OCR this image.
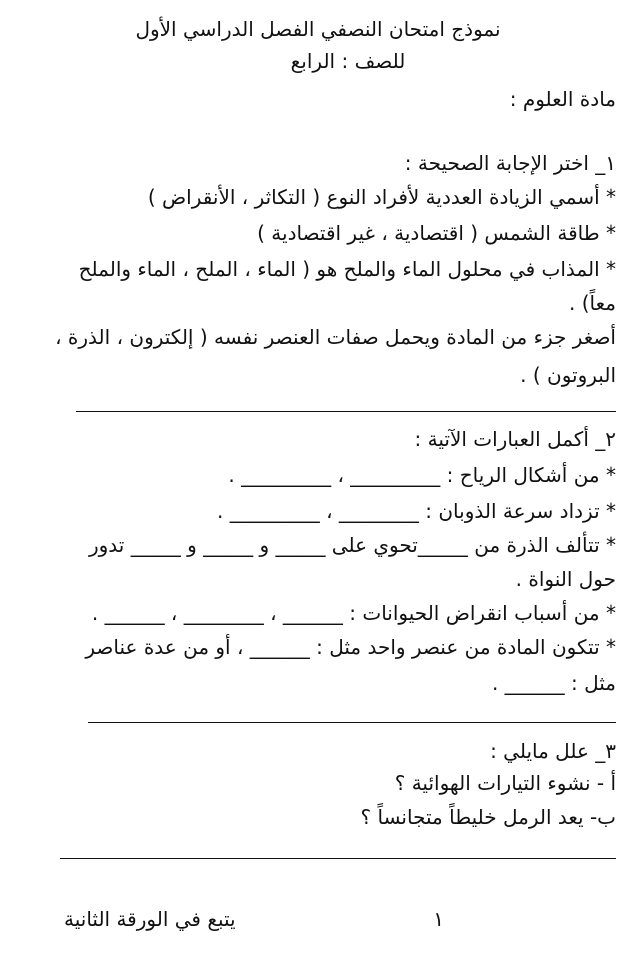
نموذج امتحان النصفي الفصل الدراسي الأول
للصف : الرابع
مادة العلوم :
١_ اختر الإجابة الصحيحة :
* أسمي الزيادة العددية لأفراد النوع ( التكاثر ، الأنقراض )
* طاقة الشمس ( اقتصادية ، غير اقتصادية )
* المذاب في محلول الماء والملح هو ( الماء ، الملح ، الماء والملح
معاً) .
أصغر جزء من المادة ويحمل صفات العنصر نفسه ( إلكترون ، الذرة ،
البروتون ) .
٢_ أكمل العبارات الآتية :
* من أشكال الرياح : _________ ، _________ .
* تزداد سرعة الذوبان : ________ ، _________ .
* تتألف الذرة من _____تحوي على _____ و _____ و _____ تدور
حول النواة .
* من أسباب انقراض الحيوانات : ______ ، ________ ، ______ .
* تتكون المادة من عنصر واحد مثل : ______ ، أو من عدة عناصر
مثل : ______ .
٣_ علل مايلي :
أ - نشوء التيارات الهوائية ؟
ب- يعد الرمل خليطاً متجانساً ؟
١
يتبع في الورقة الثانية
